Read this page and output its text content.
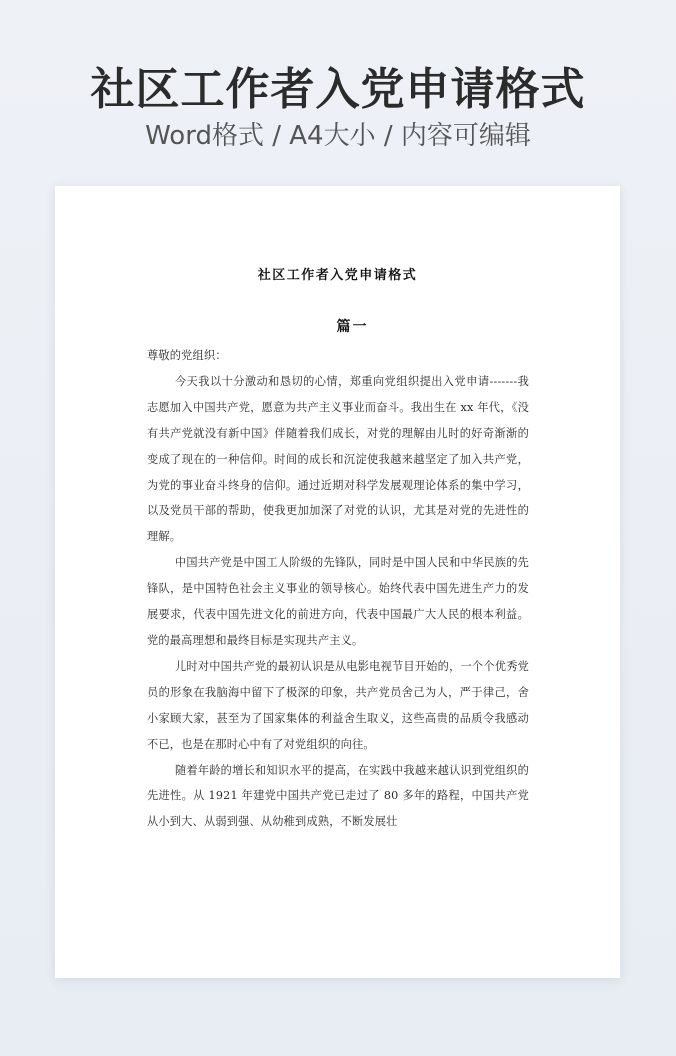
社区工作者入党申请格式
Word格式 / A4大小 / 内容可编辑
社区工作者入党申请格式
篇一

尊敬的党组织：

今天我以十分激动和恳切的心情，郑重向党组织提出入党申请-------我志愿加入中国共产党，愿意为共产主义事业而奋斗。我出生在 xx 年代，《没有共产党就没有新中国》伴随着我们成长，对党的理解由儿时的好奇渐渐的变成了现在的一种信仰。时间的成长和沉淀使我越来越坚定了加入共产党，为党的事业奋斗终身的信仰。通过近期对科学发展观理论体系的集中学习，以及党员干部的帮助，使我更加加深了对党的认识，尤其是对党的先进性的理解。

中国共产党是中国工人阶级的先锋队，同时是中国人民和中华民族的先锋队，是中国特色社会主义事业的领导核心。始终代表中国先进生产力的发展要求，代表中国先进文化的前进方向，代表中国最广大人民的根本利益。党的最高理想和最终目标是实现共产主义。

儿时对中国共产党的最初认识是从电影电视节目开始的，一个个优秀党员的形象在我脑海中留下了极深的印象，共产党员舍己为人，严于律己，舍小家顾大家，甚至为了国家集体的利益舍生取义，这些高贵的品质令我感动不已，也是在那时心中有了对党组织的向往。

随着年龄的增长和知识水平的提高，在实践中我越来越认识到党组织的先进性。从 1921 年建党中国共产党已走过了 80 多年的路程，中国共产党从小到大、从弱到强、从幼稚到成熟，不断发展壮
